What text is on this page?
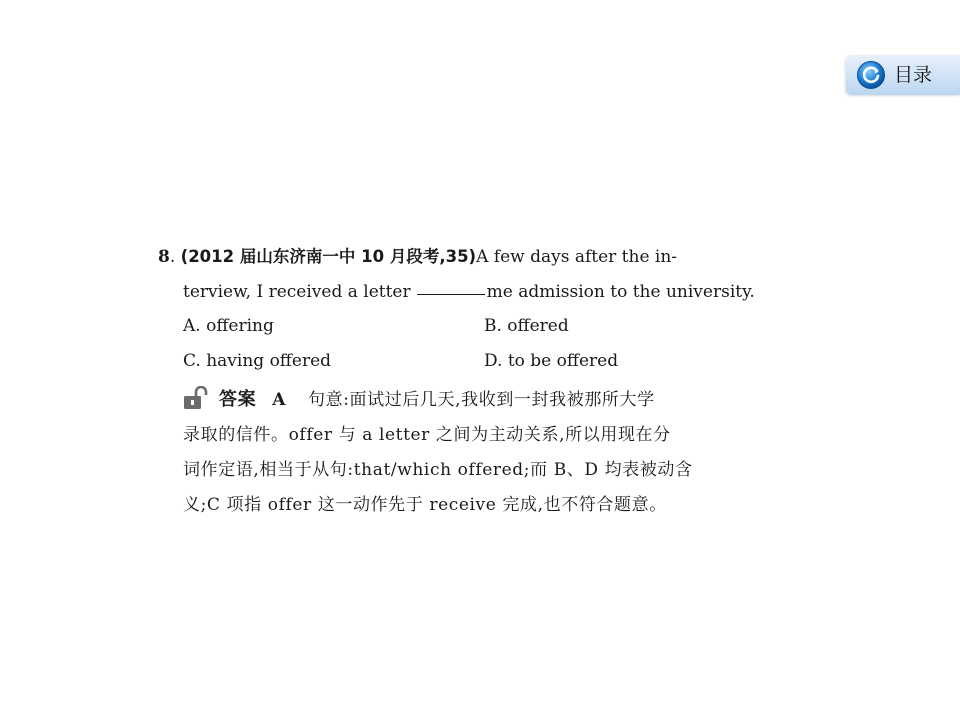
目录
8. (2012 届山东济南一中 10 月段考,35)A few days after the in-
terview, I received a letter	me admission to the university.
A. offering	B. offered
C. having offered	D. to be offered
答案 A 句意:面试过后几天,我收到一封我被那所大学
录取的信件。offer 与 a letter 之间为主动关系,所以用现在分
词作定语,相当于从句:that/which offered;而 B、D 均表被动含
义;C 项指 offer 这一动作先于 receive 完成,也不符合题意。
